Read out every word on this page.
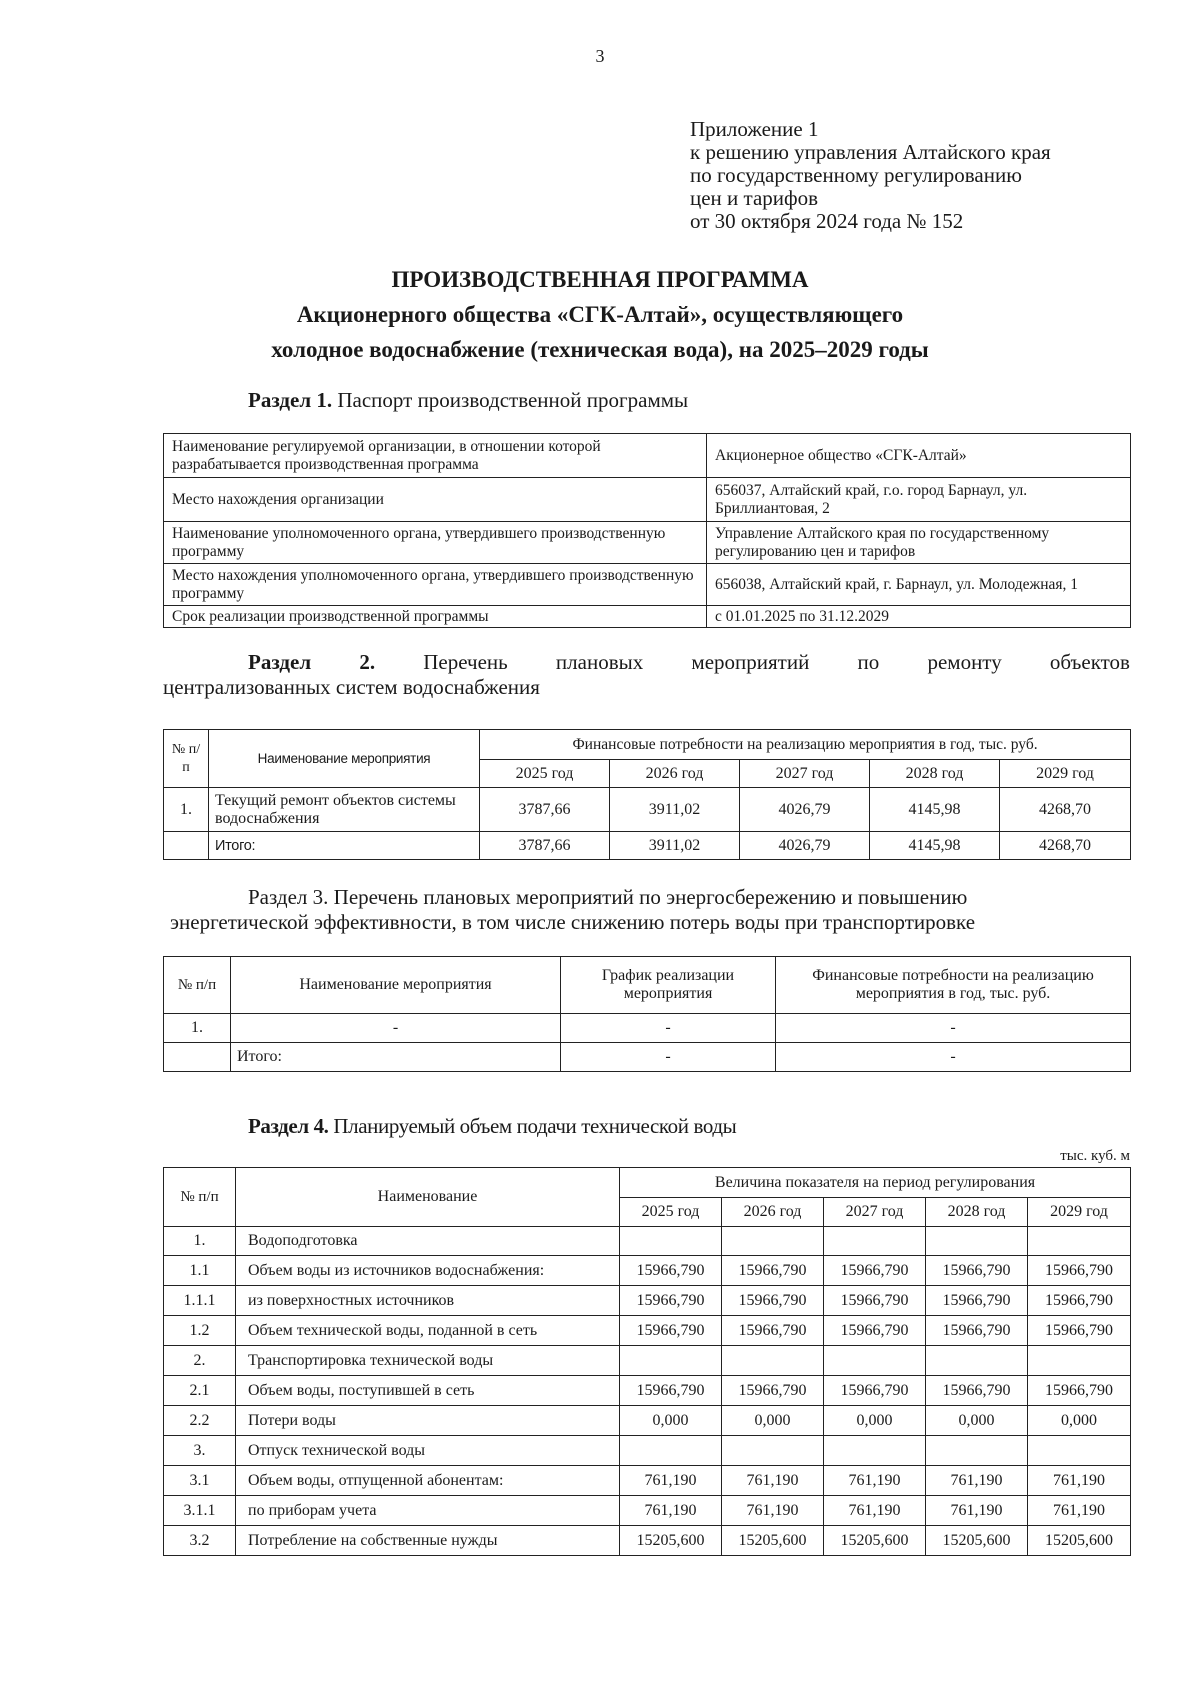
3
Приложение 1
к решению управления Алтайского края
по государственному регулированию
цен и тарифов
от 30 октября 2024 года № 152
ПРОИЗВОДСТВЕННАЯ ПРОГРАММА
Акционерного общества «СГК-Алтай», осуществляющего
холодное водоснабжение (техническая вода), на 2025–2029 годы
Раздел 1. Паспорт производственной программы
Наименование регулируемой организации, в отношении которой разрабатывается производственная программа	Акционерное общество «СГК-Алтай»
Место нахождения организации	656037, Алтайский край, г.о. город Барнаул, ул. Бриллиантовая, 2
Наименование уполномоченного органа, утвердившего производственную программу	Управление Алтайского края по государственному регулированию цен и тарифов
Место нахождения уполномоченного органа, утвердившего производственную программу	656038, Алтайский край, г. Барнаул, ул. Молодежная, 1
Срок реализации производственной программы	с 01.01.2025 по 31.12.2029
Раздел 2. Перечень плановых мероприятий по ремонту объектов
централизованных систем водоснабжения
№ п/п	Наименование мероприятия	Финансовые потребности на реализацию мероприятия в год, тыс. руб.				
		2025 год	2026 год	2027 год	2028 год	2029 год
1.	Текущий ремонт объектов системы водоснабжения	3787,66	3911,02	4026,79	4145,98	4268,70
	Итого:	3787,66	3911,02	4026,79	4145,98	4268,70
Раздел 3. Перечень плановых мероприятий по энергосбережению и повышению
энергетической эффективности, в том числе снижению потерь воды при транспортировке
№ п/п	Наименование мероприятия	График реализации мероприятия	Финансовые потребности на реализацию мероприятия в год, тыс. руб.
1.	-	-	-
	Итого:	-	-
Раздел 4. Планируемый объем подачи технической воды
тыс. куб. м
№ п/п	Наименование	Величина показателя на период регулирования				
		2025 год	2026 год	2027 год	2028 год	2029 год
1.	Водоподготовка					
1.1	Объем воды из источников водоснабжения:	15966,790	15966,790	15966,790	15966,790	15966,790
1.1.1	из поверхностных источников	15966,790	15966,790	15966,790	15966,790	15966,790
1.2	Объем технической воды, поданной в сеть	15966,790	15966,790	15966,790	15966,790	15966,790
2.	Транспортировка технической воды					
2.1	Объем воды, поступившей в сеть	15966,790	15966,790	15966,790	15966,790	15966,790
2.2	Потери воды	0,000	0,000	0,000	0,000	0,000
3.	Отпуск технической воды					
3.1	Объем воды, отпущенной абонентам:	761,190	761,190	761,190	761,190	761,190
3.1.1	по приборам учета	761,190	761,190	761,190	761,190	761,190
3.2	Потребление на собственные нужды	15205,600	15205,600	15205,600	15205,600	15205,600
